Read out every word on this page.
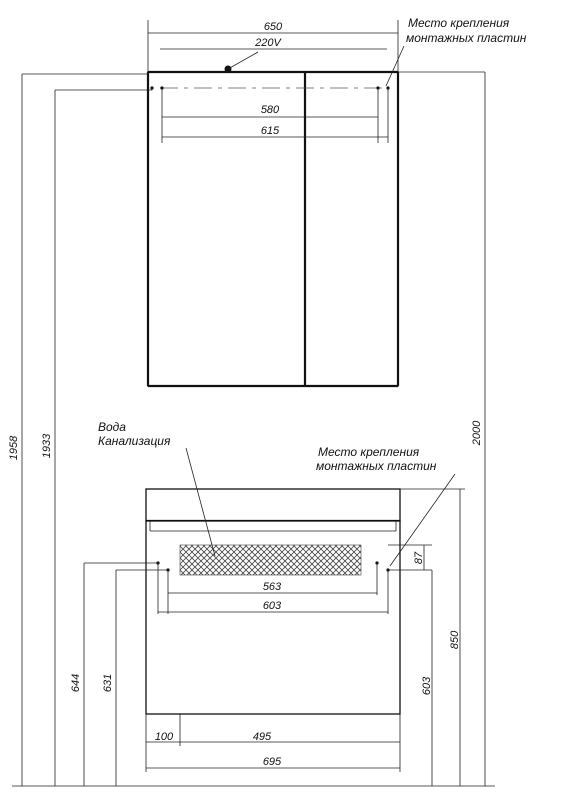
650
220V
580
615
Место крепления
монтажных пластин
1958 1933
2000
644 631
87
563
603
850
603
100	495
695
Вода
Канализация
Место крепления
монтажных пластин
